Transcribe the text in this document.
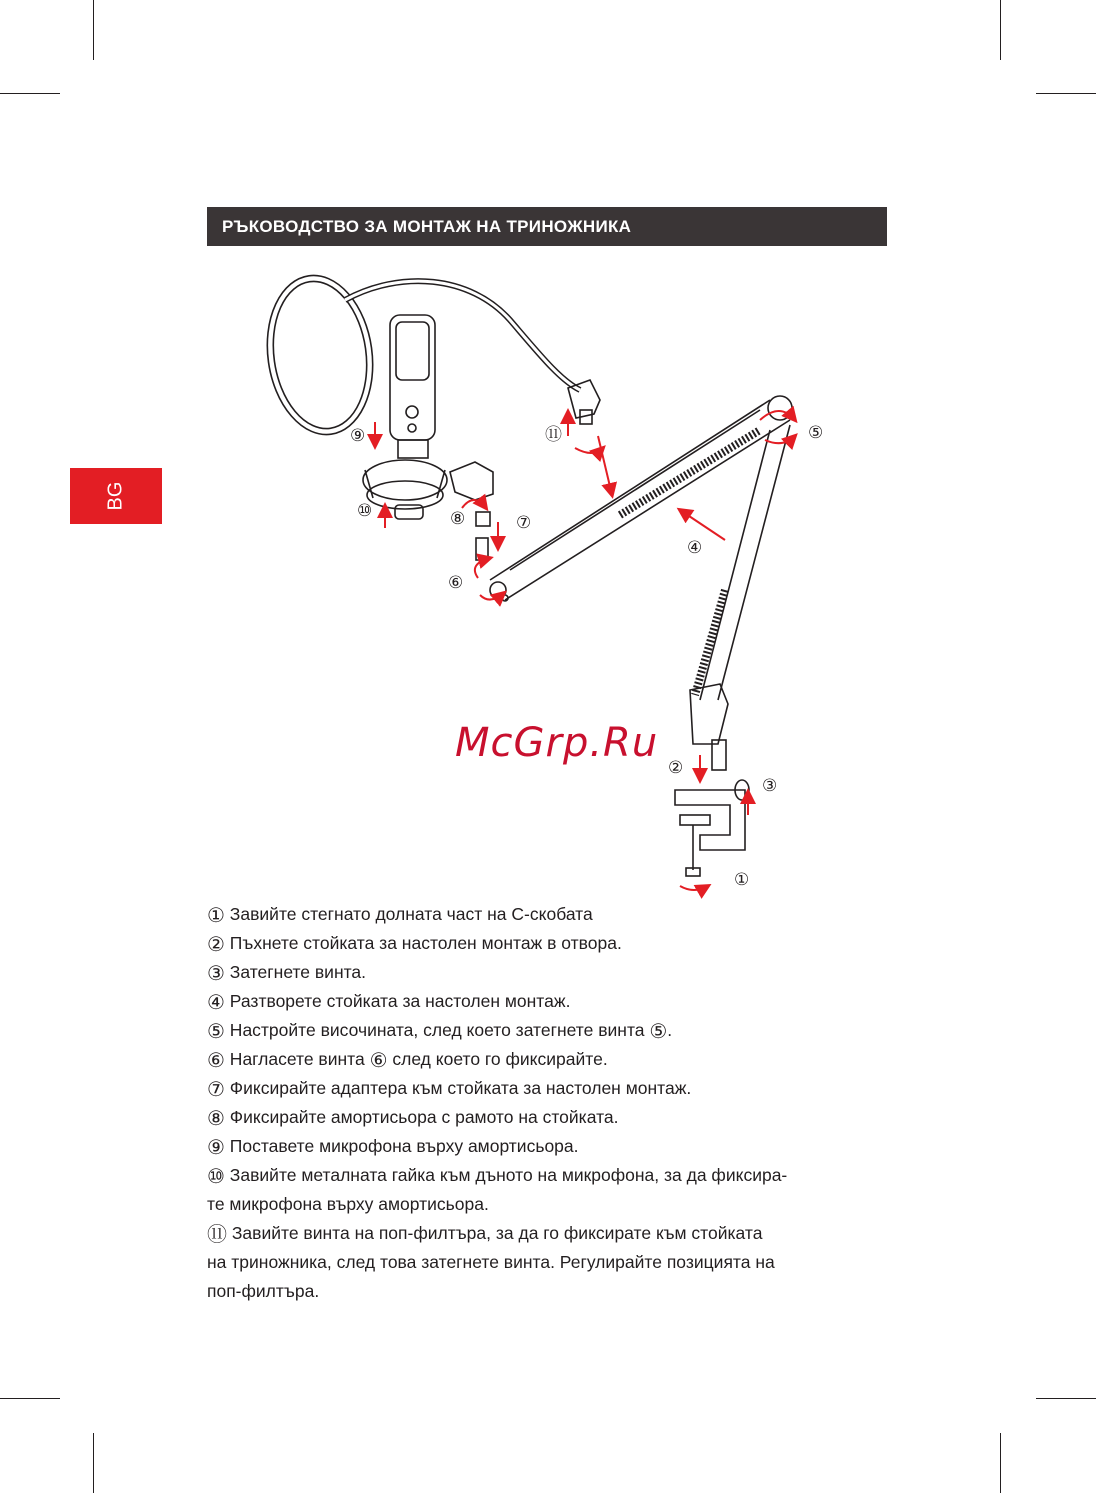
РЪКОВОДСТВО ЗА МОНТАЖ НА ТРИНОЖНИКА
BG
①
②
③
④
⑤
⑥
⑦
⑧
⑨
⑩
⑪
McGrp.Ru

① Завийте стегнато долната част на С-скобата

② Пъхнете стойката за настолен монтаж в отвора.

③ Затегнете винта.

④ Разтворете стойката за настолен монтаж.

⑤ Настройте височината, след което затегнете винта ⑤.

⑥ Нагласете винта ⑥ след което го фиксирайте.

⑦ Фиксирайте адаптера към стойката за настолен монтаж.

⑧ Фиксирайте амортисьора с рамото на стойката.

⑨ Поставете микрофона върху амортисьора.

⑩ Завийте металната гайка към дъното на микрофона, за да фиксира-
те микрофона върху амортисьора.

⑪ Завийте винта на поп-филтъра, за да го фиксирате към стойката
на триножника, след това затегнете винта. Регулирайте позицията на
поп-филтъра.
